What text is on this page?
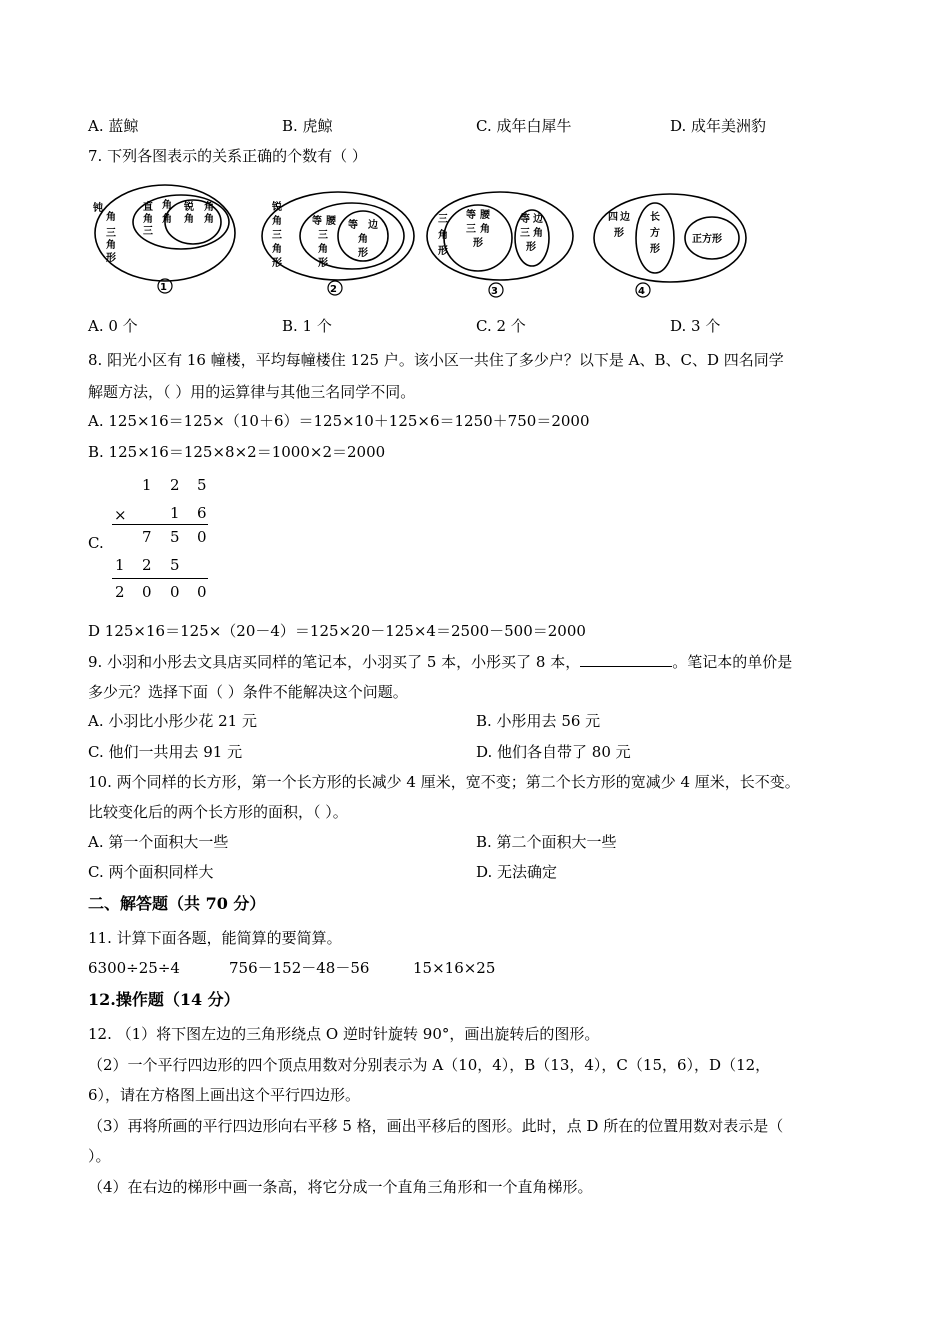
A. 蓝鲸	B. 虎鲸	C. 成年白犀牛	D. 成年美洲豹
7. 下列各图表示的关系正确的个数有（ ）
钝
角
三
角
形
直
角
三
角
角
锐
角
角
角
1
锐
角
三
角
形
等 腰
三
角
形
等 边
角
形
2
三
角
形
等 腰
三 角
形
等 边
三 角
形
3
四 边
形
长
方
形
正方形
4
A. 0 个	B. 1 个	C. 2 个	D. 3 个
8. 阳光小区有 16 幢楼，平均每幢楼住 125 户。该小区一共住了多少户？以下是 A、B、C、D 四名同学
解题方法，（ ）用的运算律与其他三名同学不同。
A. 125×16＝125×（10＋6）＝125×10＋125×6＝1250＋750＝2000
B. 125×16＝125×8×2＝1000×2＝2000
C.
1 2 5
×	1 6
7 5 0
1 2 5
2 0 0 0
D 125×16＝125×（20－4）＝125×20－125×4＝2500－500＝2000
9. 小羽和小彤去文具店买同样的笔记本，小羽买了 5 本，小彤买了 8 本，	。笔记本的单价是
多少元？选择下面（ ）条件不能解决这个问题。
A. 小羽比小彤少花 21 元	B. 小彤用去 56 元
C. 他们一共用去 91 元	D. 他们各自带了 80 元
10. 两个同样的长方形，第一个长方形的长减少 4 厘米，宽不变；第二个长方形的宽减少 4 厘米，长不变。
比较变化后的两个长方形的面积，（ ）。
A. 第一个面积大一些	B. 第二个面积大一些
C. 两个面积同样大	D. 无法确定
二、解答题（共 70 分）
11. 计算下面各题，能简算的要简算。
6300÷25÷4	756－152－48－56	15×16×25
12.操作题（14 分）
12. （1）将下图左边的三角形绕点 O 逆时针旋转 90°，画出旋转后的图形。
（2）一个平行四边形的四个顶点用数对分别表示为 A（10，4），B（13，4），C（15，6），D（12，
6），请在方格图上画出这个平行四边形。
（3）再将所画的平行四边形向右平移 5 格，画出平移后的图形。此时，点 D 所在的位置用数对表示是（
）。
（4）在右边的梯形中画一条高，将它分成一个直角三角形和一个直角梯形。
